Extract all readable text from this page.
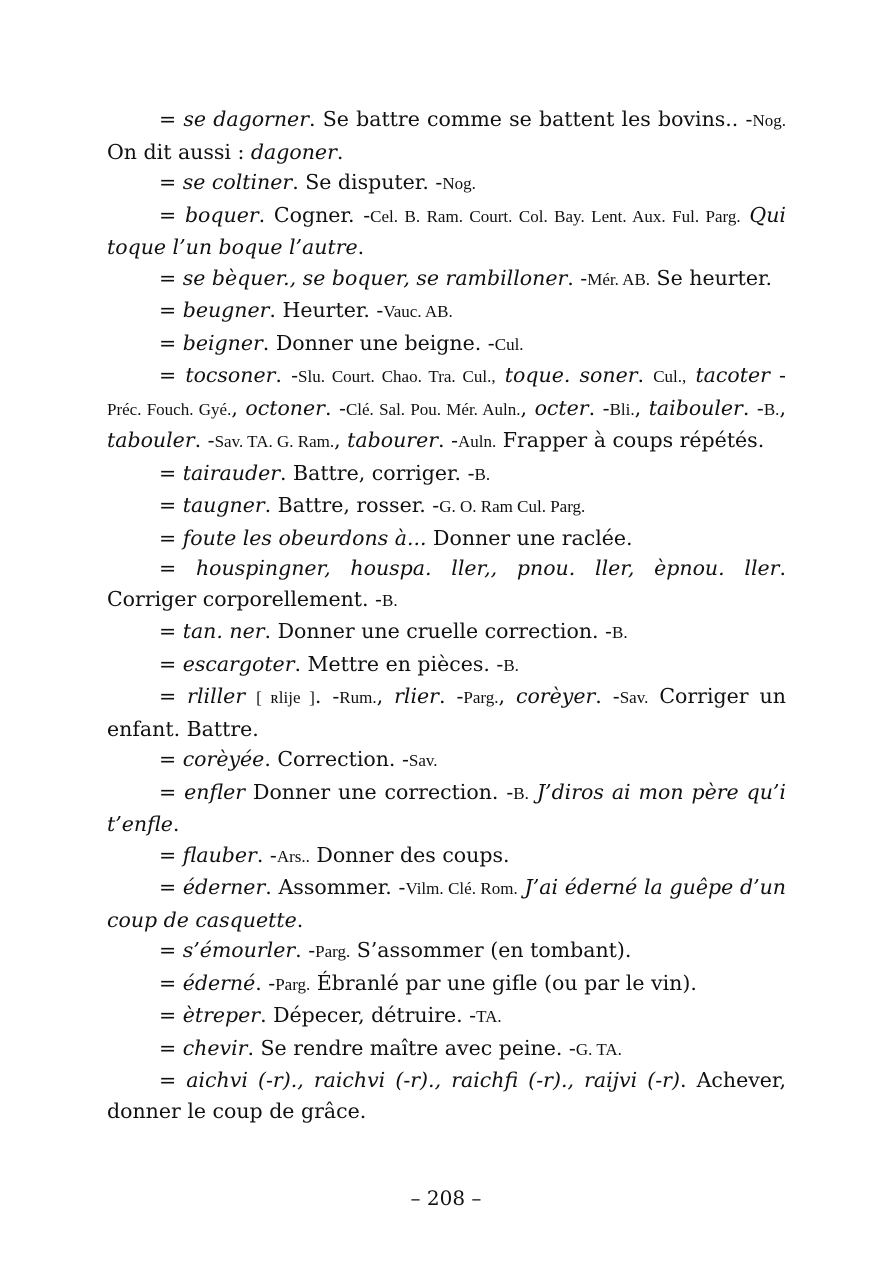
= se dagorner. Se battre comme se battent les bovins.. -Nog. On dit aussi : dagoner.

= se coltiner. Se disputer. -Nog.

= boquer. Cogner. -Cel. B. Ram. Court. Col. Bay. Lent. Aux. Ful. Parg. Qui toque l’un boque l’autre.

= se bèquer., se boquer, se rambilloner. -Mér. AB. Se heurter.

= beugner. Heurter. -Vauc. AB.

= beigner. Donner une beigne. -Cul.

= tocsoner. -Slu. Court. Chao. Tra. Cul., toque. soner. Cul., tacoter -Préc. Fouch. Gyé., octoner. -Clé. Sal. Pou. Mér. Auln., octer. -Bli., taibouler. -B., tabouler. -Sav. TA. G. Ram., tabourer. -Auln. Frapper à coups répétés.

= tairauder. Battre, corriger. -B.

= taugner. Battre, rosser. -G. O. Ram Cul. Parg.

= foute les obeurdons à... Donner une raclée.

= houspingner, houspa. ller,, pnou. ller, èpnou. ller. Corriger corporellement. -B.

= tan. ner. Donner une cruelle correction. -B.

= escargoter. Mettre en pièces. -B.

= rliller [ ʀlije ]. -Rum., rlier. -Parg., corèyer. -Sav. Corriger un enfant. Battre.

= corèyée. Correction. -Sav.

= enfler Donner une correction. -B. J’diros ai mon père qu’i t’enfle.

= flauber. -Ars.. Donner des coups.

= éderner. Assommer. -Vilm. Clé. Rom. J’ai éderné la guêpe d’un coup de casquette.

= s’émourler. -Parg. S’assommer (en tombant).

= éderné. -Parg. Ébranlé par une gifle (ou par le vin).

= ètreper. Dépecer, détruire. -TA.

= chevir. Se rendre maître avec peine. -G. TA.

= aichvi (-r)., raichvi (-r)., raichfi (-r)., raijvi (-r). Achever, donner le coup de grâce.

– 208 –
